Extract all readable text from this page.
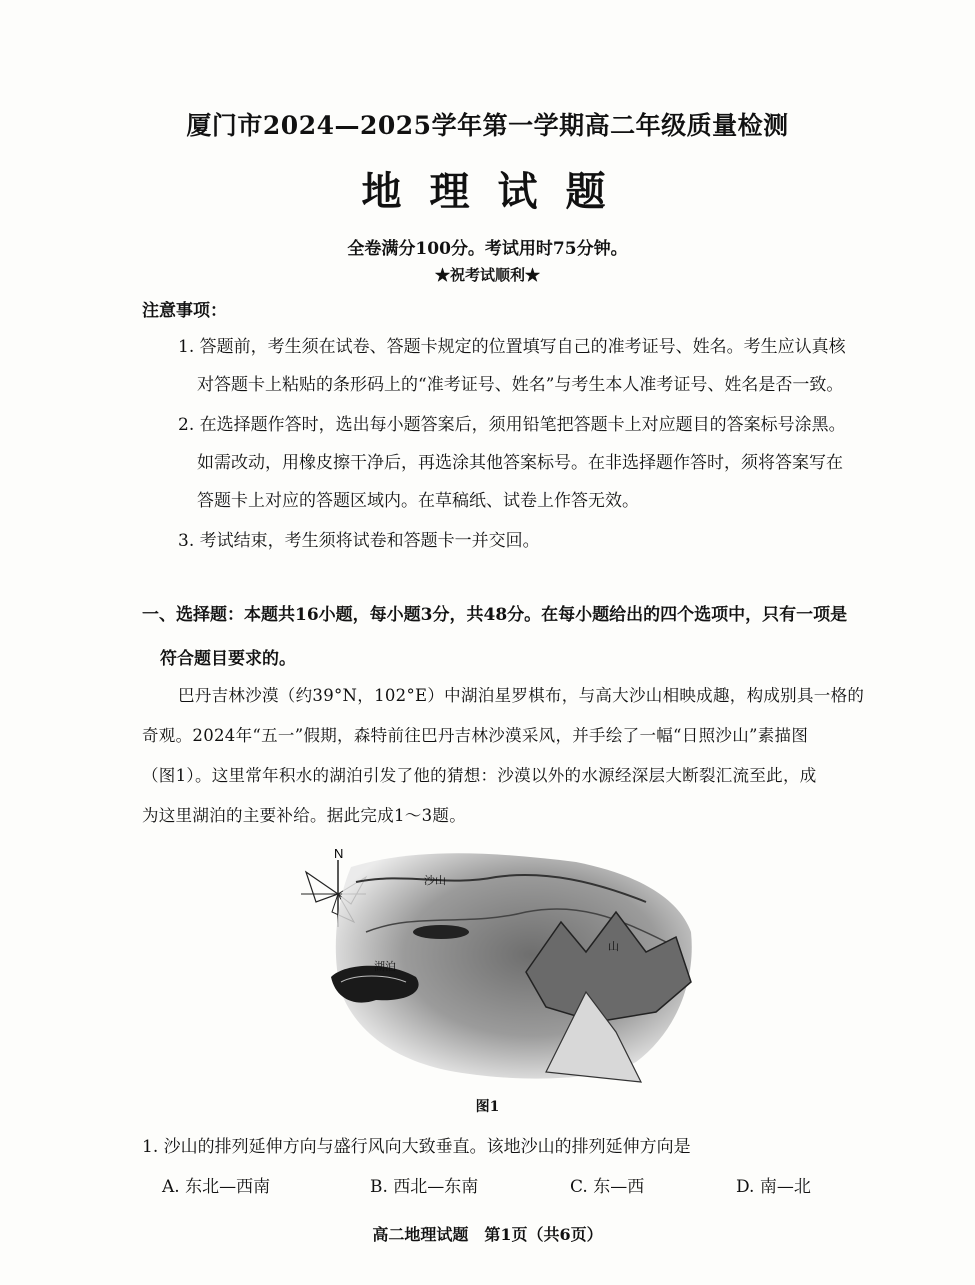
厦门市2024—2025学年第一学期高二年级质量检测
地理试题
全卷满分100分。考试用时75分钟。
★祝考试顺利★
注意事项：
1. 答题前，考生须在试卷、答题卡规定的位置填写自己的准考证号、姓名。考生应认真核
对答题卡上粘贴的条形码上的“准考证号、姓名”与考生本人准考证号、姓名是否一致。
2. 在选择题作答时，选出每小题答案后，须用铅笔把答题卡上对应题目的答案标号涂黑。
如需改动，用橡皮擦干净后，再选涂其他答案标号。在非选择题作答时，须将答案写在
答题卡上对应的答题区域内。在草稿纸、试卷上作答无效。
3. 考试结束，考生须将试卷和答题卡一并交回。
一、选择题：本题共16小题，每小题3分，共48分。在每小题给出的四个选项中，只有一项是
符合题目要求的。
巴丹吉林沙漠（约39°N，102°E）中湖泊星罗棋布，与高大沙山相映成趣，构成别具一格的
奇观。2024年“五一”假期，森特前往巴丹吉林沙漠采风，并手绘了一幅“日照沙山”素描图
（图1）。这里常年积水的湖泊引发了他的猜想：沙漠以外的水源经深层大断裂汇流至此，成
为这里湖泊的主要补给。据此完成1～3题。
N
沙山
湖泊
山
图1
1. 沙山的排列延伸方向与盛行风向大致垂直。该地沙山的排列延伸方向是
A. 东北—西南	B. 西北—东南	C. 东—西	D. 南—北
高二地理试题　第1页（共6页）
